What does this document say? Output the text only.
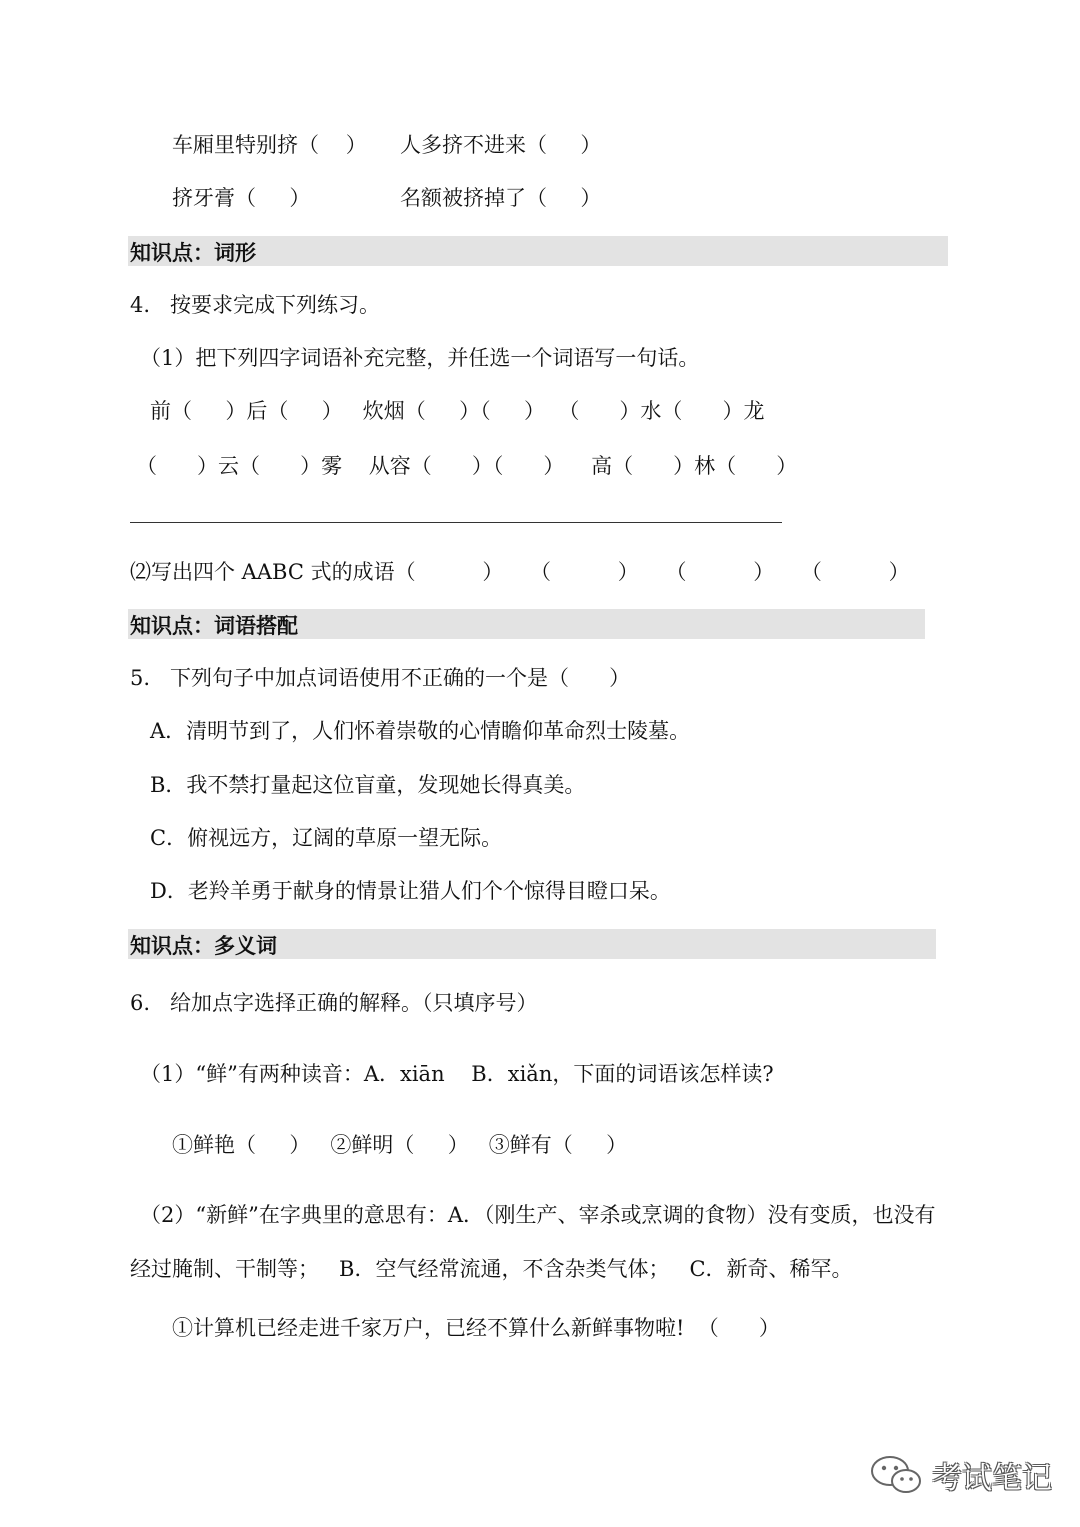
车厢里特别挤（    ） 人多挤不进来（     ）
挤牙膏（     ）	名额被挤掉了（     ）
知识点：词形
4.   按要求完成下列练习。
（1）把下列四字词语补充完整，并任选一个词语写一句话。
前（     ）后（     ）   炊烟（     ）（     ）  （      ）水（      ）龙
（      ）云（      ）雾    从容（      ）（      ）    高（      ）林（      ）
⑵写出四个 AABC 式的成语（          ）    （          ）    （          ）    （          ）
知识点：词语搭配
5.   下列句子中加点词语使用不正确的一个是（      ）
A．清明节到了，人们怀着崇敬的心情瞻仰革命烈士陵墓。
B．我不禁打量起这位盲童，发现她长得真美。
C．俯视远方，辽阔的草原一望无际。
D．老羚羊勇于献身的情景让猎人们个个惊得目瞪口呆。
知识点：多义词
6.   给加点字选择正确的解释。（只填序号）
（1）“鲜”有两种读音：A．xiān    B．xiǎn，下面的词语该怎样读?
①鲜艳（     ）   ②鲜明（     ）   ③鲜有（     ）
（2）“新鲜”在字典里的意思有：A．（刚生产、宰杀或烹调的食物）没有变质，也没有
经过腌制、干制等；   B．空气经常流通，不含杂类气体；   C．新奇、稀罕。
①计算机已经走进千家万户，已经不算什么新鲜事物啦!  （      ）
考试笔记
